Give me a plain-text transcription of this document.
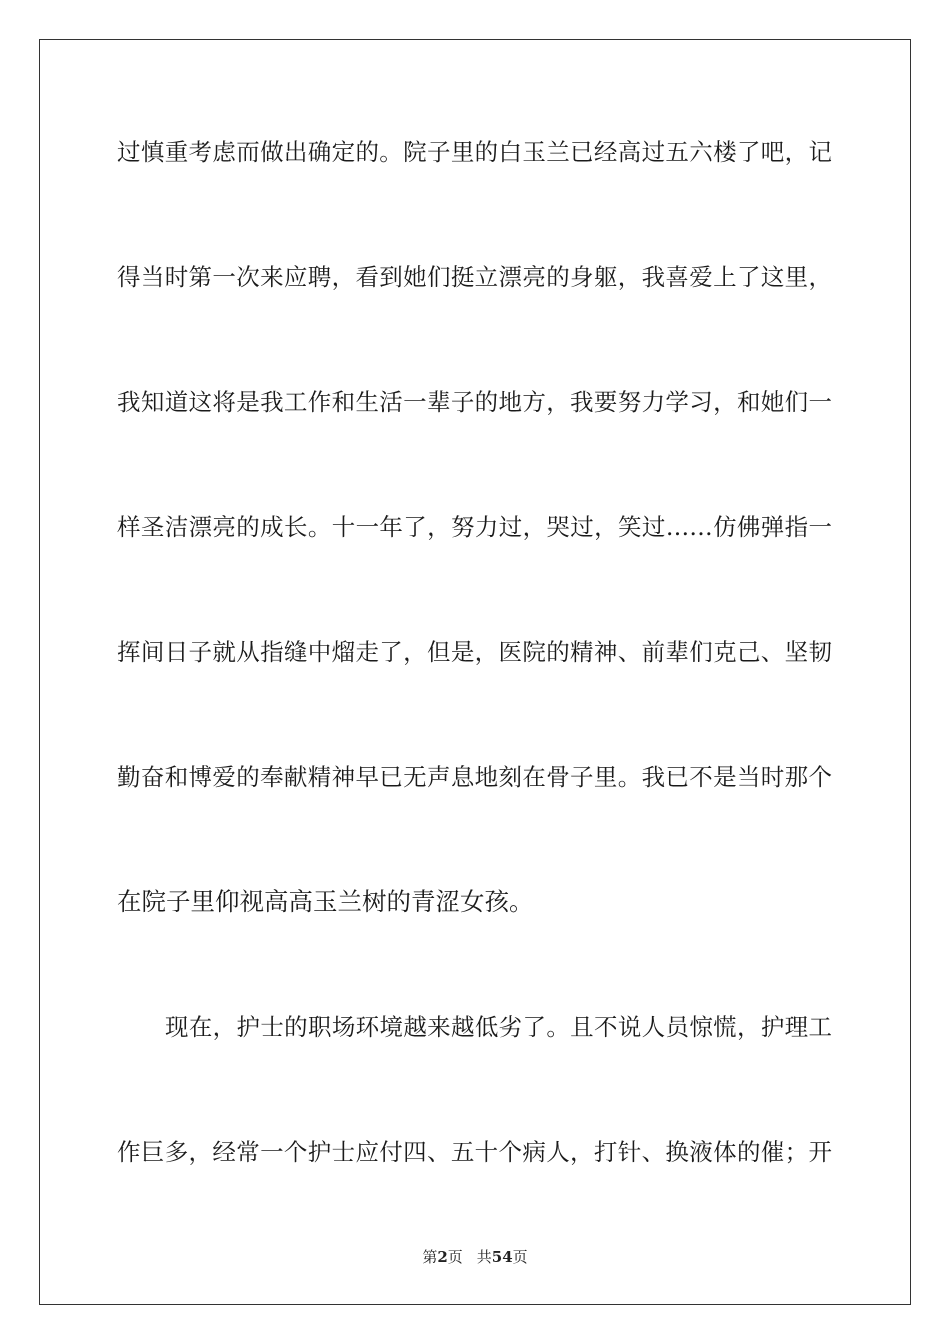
过慎重考虑而做出确定的。院子里的白玉兰已经高过五六楼了吧，记
得当时第一次来应聘，看到她们挺立漂亮的身躯，我喜爱上了这里，
我知道这将是我工作和生活一辈子的地方，我要努力学习，和她们一
样圣洁漂亮的成长。十一年了，努力过，哭过，笑过……仿佛弹指一
挥间日子就从指缝中熘走了，但是，医院的精神、前辈们克己、坚韧
勤奋和博爱的奉献精神早已无声息地刻在骨子里。我已不是当时那个
在院子里仰视高高玉兰树的青涩女孩。
现在，护士的职场环境越来越低劣了。且不说人员惊慌，护理工
作巨多，经常一个护士应付四、五十个病人，打针、换液体的催；开
第2页 共54页
